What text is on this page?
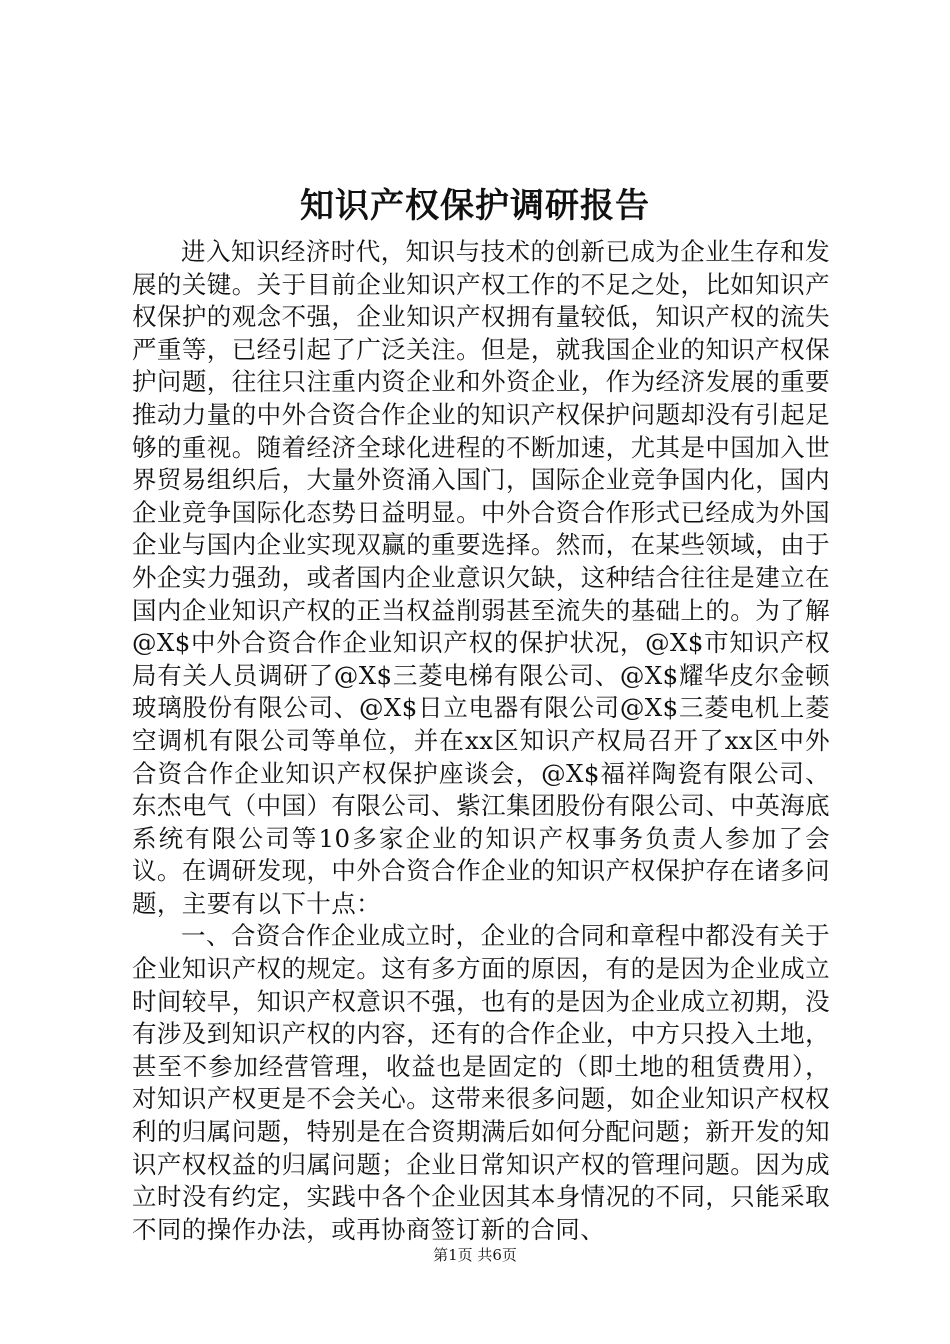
知识产权保护调研报告

进入知识经济时代，知识与技术的创新已成为企业生存和发展的关键。关于目前企业知识产权工作的不足之处，比如知识产权保护的观念不强，企业知识产权拥有量较低，知识产权的流失严重等，已经引起了广泛关注。但是，就我国企业的知识产权保护问题，往往只注重内资企业和外资企业，作为经济发展的重要推动力量的中外合资合作企业的知识产权保护问题却没有引起足够的重视。随着经济全球化进程的不断加速，尤其是中国加入世界贸易组织后，大量外资涌入国门，国际企业竞争国内化，国内企业竞争国际化态势日益明显。中外合资合作形式已经成为外国企业与国内企业实现双赢的重要选择。然而，在某些领域，由于外企实力强劲，或者国内企业意识欠缺，这种结合往往是建立在国内企业知识产权的正当权益削弱甚至流失的基础上的。为了解@X$中外合资合作企业知识产权的保护状况，@X$市知识产权局有关人员调研了@X$三菱电梯有限公司、@X$耀华皮尔金顿玻璃股份有限公司、@X$日立电器有限公司@X$三菱电机上菱空调机有限公司等单位，并在xx区知识产权局召开了xx区中外合资合作企业知识产权保护座谈会，@X$福祥陶瓷有限公司、东杰电气（中国）有限公司、紫江集团股份有限公司、中英海底系统有限公司等10多家企业的知识产权事务负责人参加了会议。在调研发现，中外合资合作企业的知识产权保护存在诸多问题，主要有以下十点：

一、合资合作企业成立时，企业的合同和章程中都没有关于企业知识产权的规定。这有多方面的原因，有的是因为企业成立时间较早，知识产权意识不强，也有的是因为企业成立初期，没有涉及到知识产权的内容，还有的合作企业，中方只投入土地，甚至不参加经营管理，收益也是固定的（即土地的租赁费用），对知识产权更是不会关心。这带来很多问题，如企业知识产权权利的归属问题，特别是在合资期满后如何分配问题；新开发的知识产权权益的归属问题；企业日常知识产权的管理问题。因为成立时没有约定，实践中各个企业因其本身情况的不同，只能采取不同的操作办法，或再协商签订新的合同、

第1页 共6页
